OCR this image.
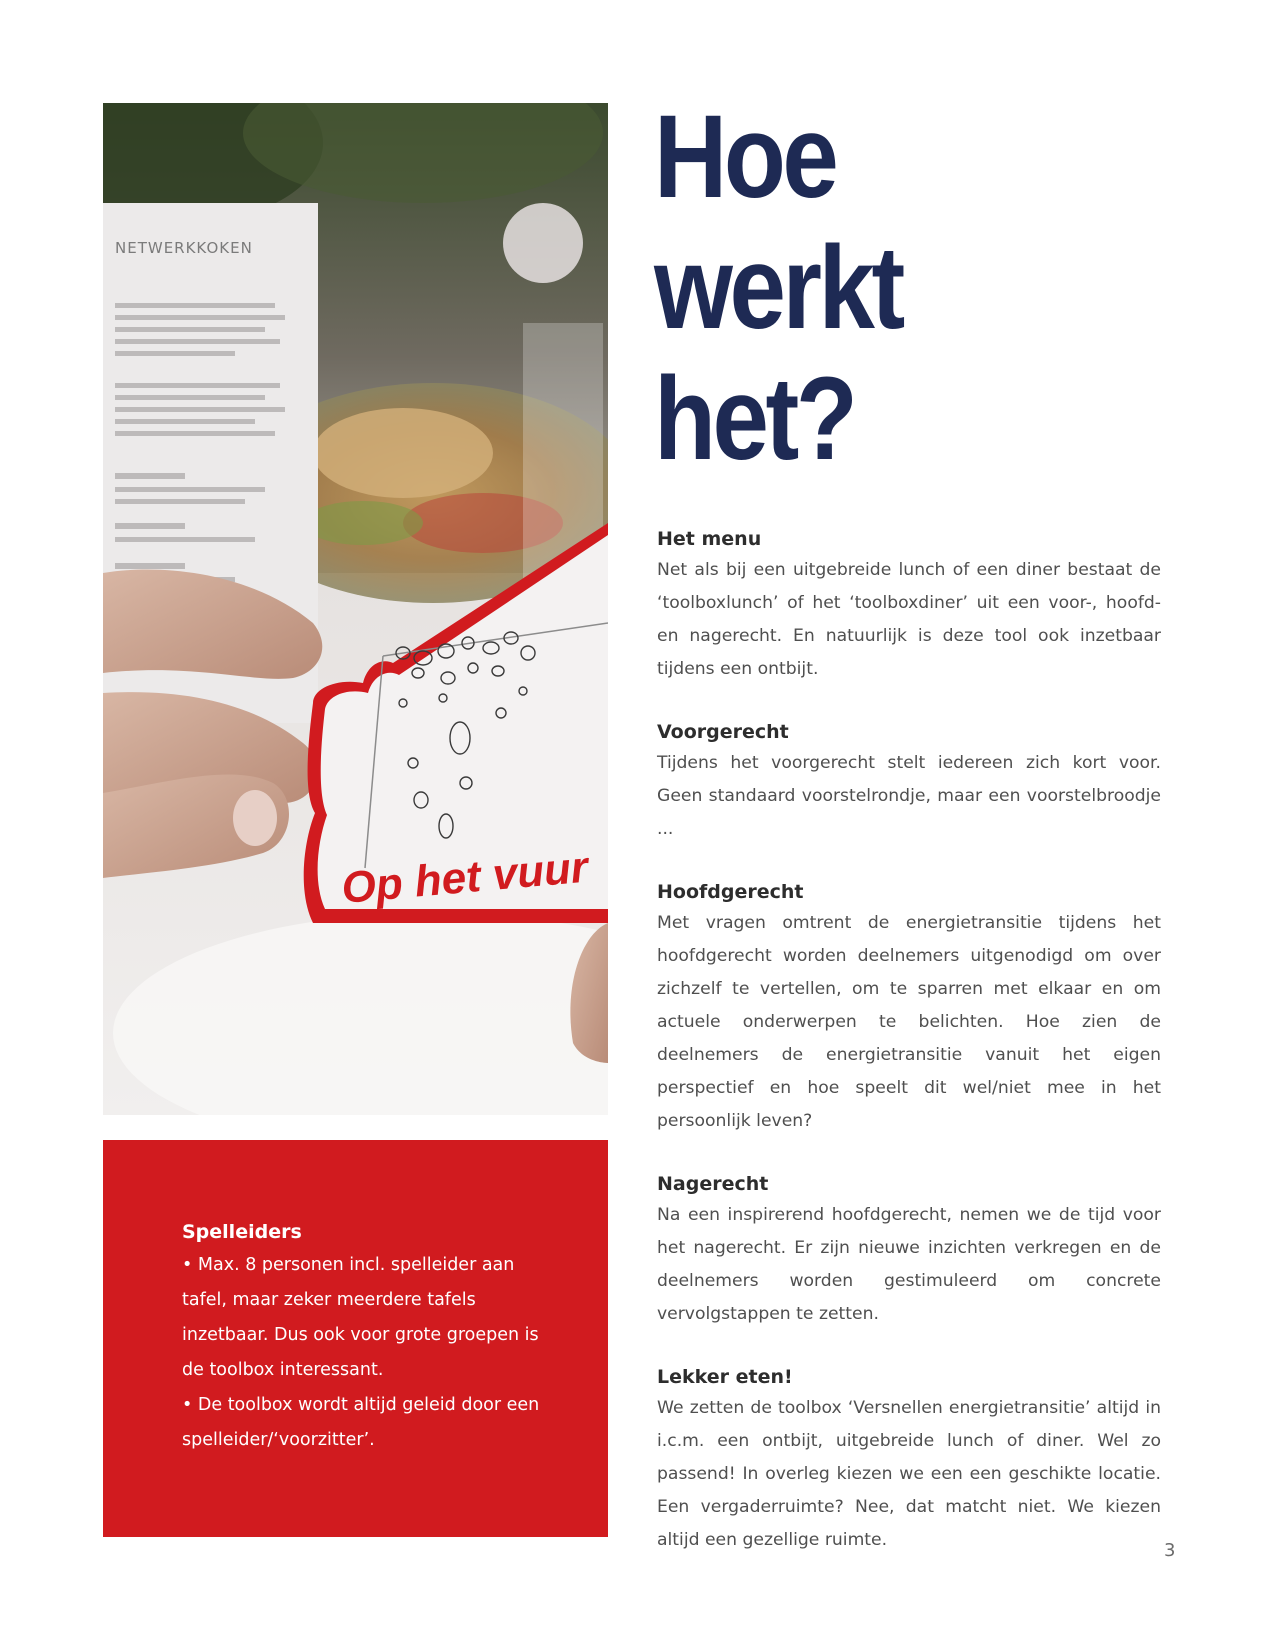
NETWERKKOKEN
Op het vuur
Spelleiders

• Max. 8 personen incl. spelleider aan tafel, maar zeker meerdere tafels inzetbaar. Dus ook voor grote groepen is de toolbox interessant.

• De toolbox wordt altijd geleid door een spelleider/‘voorzitter’.

Hoe
werkt
het?
Het menu

Net als bij een uitgebreide lunch of een diner bestaat de ‘toolboxlunch’ of het ‘toolboxdiner’ uit een voor-, hoofd- en nagerecht. En natuurlijk is deze tool ook inzetbaar tijdens een ontbijt.

Voorgerecht

Tijdens het voorgerecht stelt iedereen zich kort voor. Geen standaard voorstelrondje, maar een voorstelbroodje ...

Hoofdgerecht

Met vragen omtrent de energietransitie tijdens het hoofdgerecht worden deelnemers uitgenodigd om over zichzelf te vertellen, om te sparren met elkaar en om actuele onderwerpen te belichten. Hoe zien de deelnemers de energietransitie vanuit het eigen perspectief en hoe speelt dit wel/niet mee in het persoonlijk leven?

Nagerecht

Na een inspirerend hoofdgerecht, nemen we de tijd voor het nagerecht. Er zijn nieuwe inzichten verkregen en de deelnemers worden gestimuleerd om concrete vervolgstappen te zetten.

Lekker eten!

We zetten de toolbox ‘Versnellen energietransitie’ altijd in i.c.m. een ontbijt, uitgebreide lunch of diner. Wel zo passend! In overleg kiezen we een een geschikte locatie. Een vergaderruimte? Nee, dat matcht niet. We kiezen altijd een gezellige ruimte.	3
